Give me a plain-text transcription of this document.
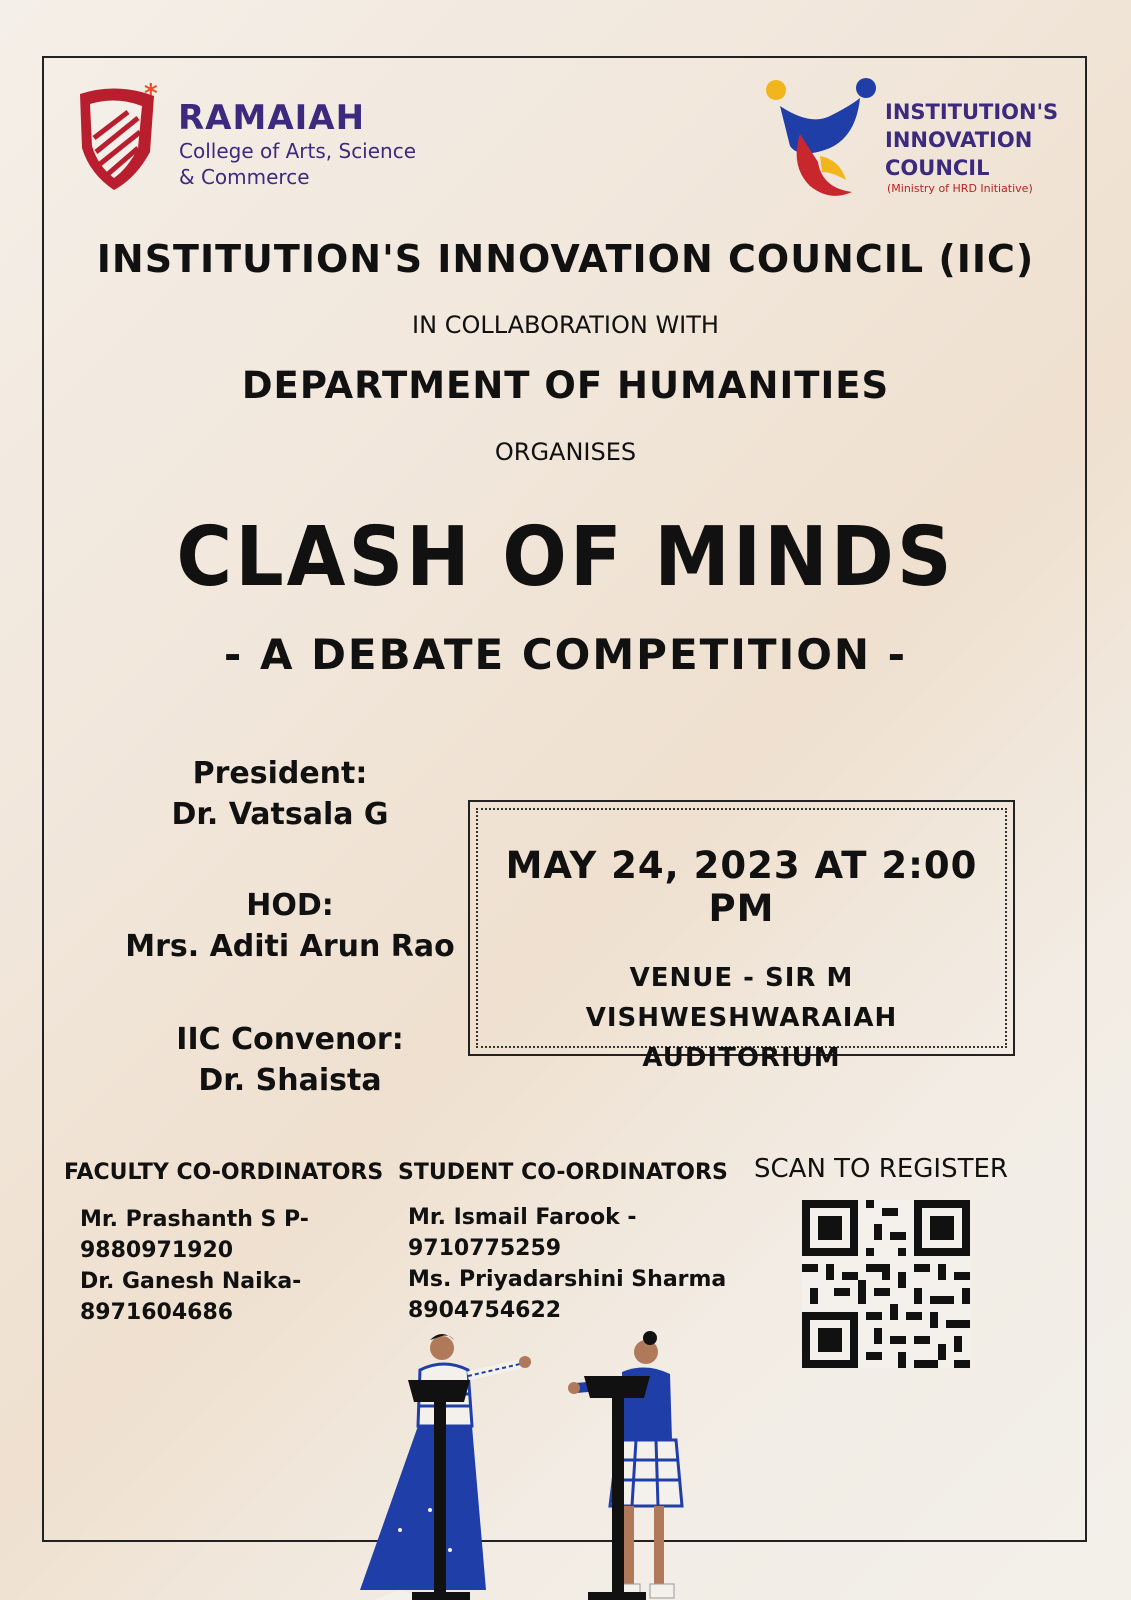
*
RAMAIAH
College of Arts, Science
& Commerce
INSTITUTION'S
INNOVATION
COUNCIL
(Ministry of HRD Initiative)
INSTITUTION'S INNOVATION COUNCIL (IIC)
IN COLLABORATION WITH
DEPARTMENT OF HUMANITIES
ORGANISES
CLASH OF MINDS
- A DEBATE COMPETITION -
President:
Dr. Vatsala G
HOD:
Mrs. Aditi Arun Rao
IIC Convenor:
Dr. Shaista
MAY 24, 2023 AT 2:00 PM
VENUE - SIR M VISHWESHWARAIAH
AUDITORIUM
FACULTY CO-ORDINATORS
Mr. Prashanth S P-
9880971920
Dr. Ganesh Naika-
8971604686
STUDENT CO-ORDINATORS
Mr. Ismail Farook -
9710775259
Ms. Priyadarshini Sharma
8904754622
SCAN TO REGISTER
